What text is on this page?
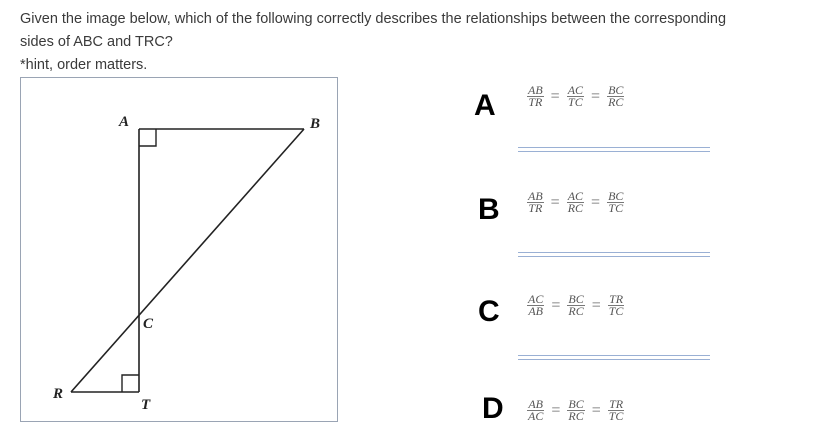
Given the image below, which of the following correctly describes the relationships between the corresponding
sides of ABC and TRC?
*hint, order matters.
A	B
C
R
T
A	$\frac{AB}{TR} = \frac{AC}{TC} = \frac{BC}{RC}$
B $\frac{AB}{TR} = \frac{AC}{RC} = \frac{BC}{TC}$
C $\frac{AC}{AB} = \frac{BC}{RC} = \frac{TR}{TC}$
D $\frac{AB}{AC} = \frac{BC}{RC} = \frac{TR}{TC}$
